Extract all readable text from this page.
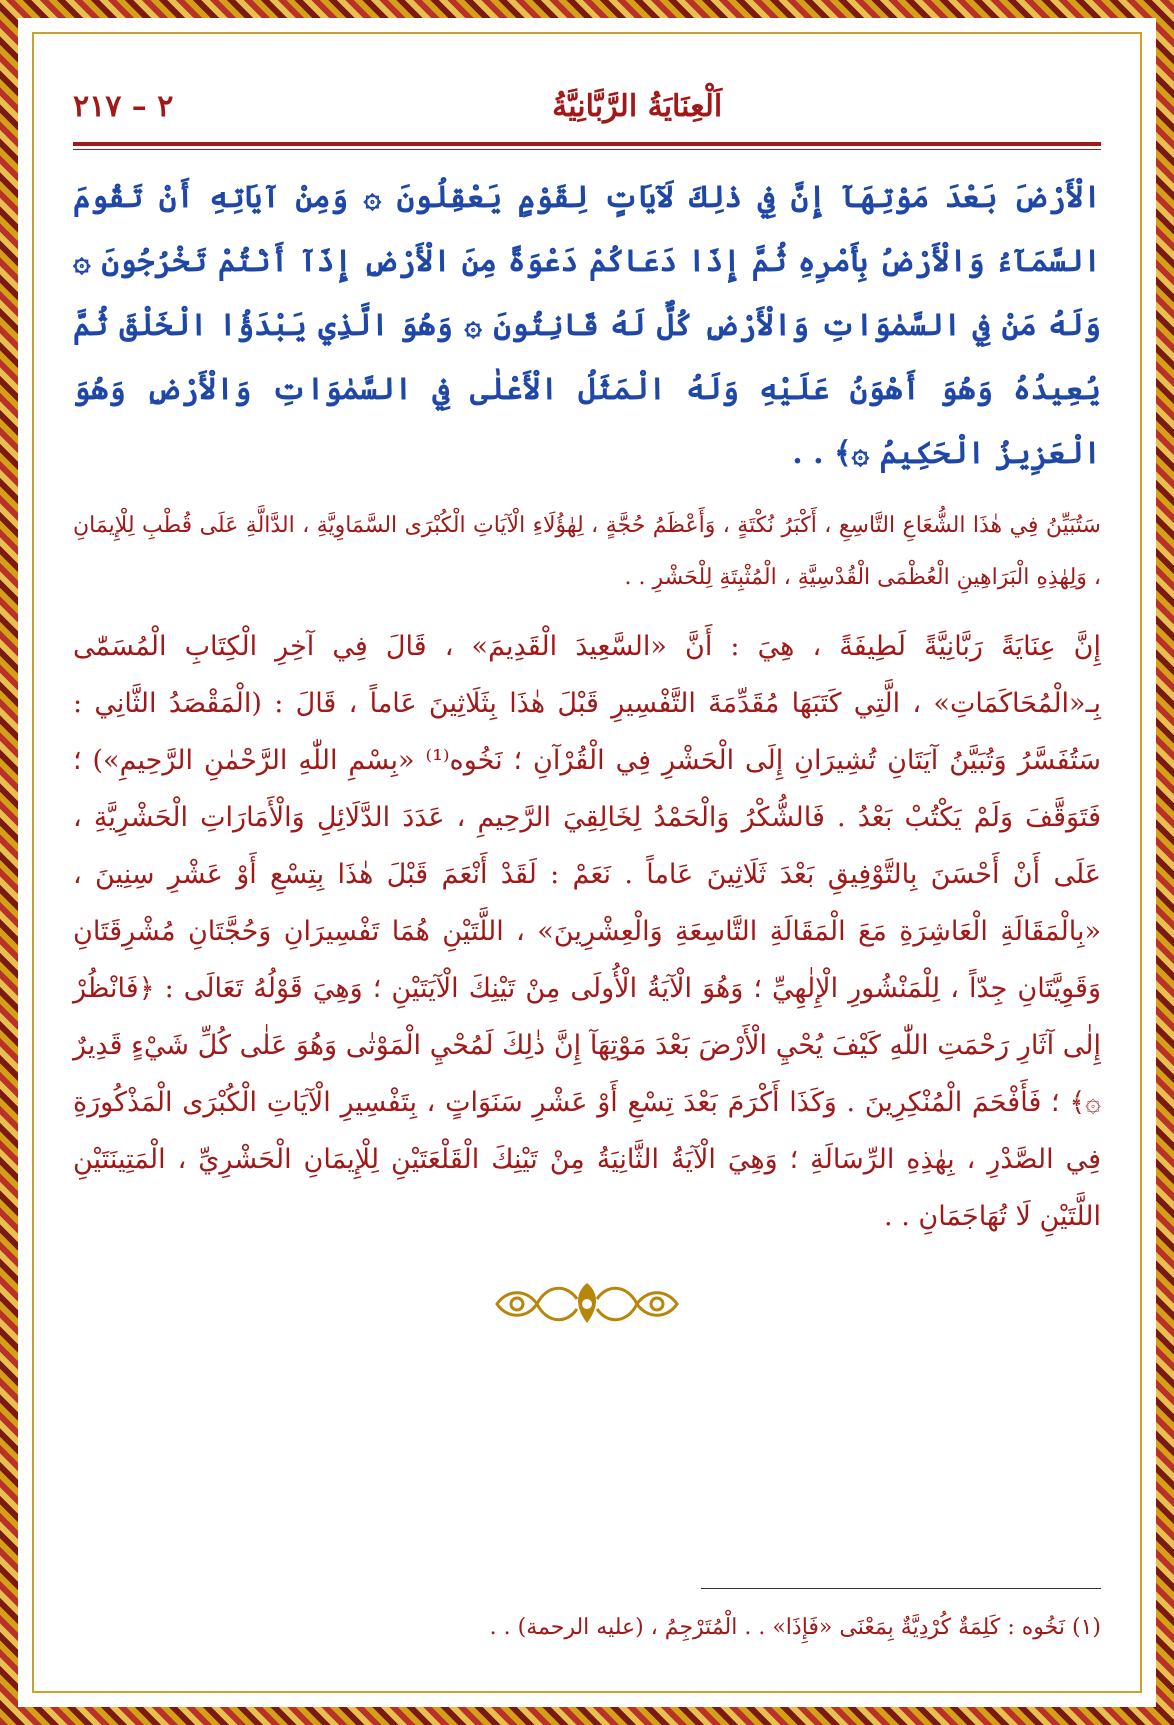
اَلْعِنَايَةُ الرَّبَّانِيَّةُ
٢ – ٢١٧
الْأَرْضَ بَعْدَ مَوْتِهَآ إِنَّ فِي ذٰلِكَ لَآيَاتٍ لِقَوْمٍ يَعْقِلُونَ ۞ وَمِنْ آيَاتِهِ أَنْ تَقُومَ السَّمَآءُ وَالْأَرْضُ بِأَمْرِهِ ثُمَّ إِذَا دَعَاكُمْ دَعْوَةً مِنَ الْأَرْضِ إِذَآ أَنْتُمْ تَخْرُجُونَ ۞ وَلَهُ مَنْ فِي السَّمٰوَاتِ وَالْأَرْضِ كُلٌّ لَهُ قَانِتُونَ ۞ وَهُوَ الَّذِي يَبْدَؤُا الْخَلْقَ ثُمَّ يُعِيدُهُ وَهُوَ أَهْوَنُ عَلَيْهِ وَلَهُ الْمَثَلُ الْأَعْلٰى فِي السَّمٰوَاتِ وَالْأَرْضِ وَهُوَ الْعَزِيزُ الْحَكِيمُ ۞﴾ . .
سَتُبَيِّنُ فِي هٰذَا الشُّعَاعِ التَّاسِعِ ، أَكْبَرُ نُكْتَةٍ ، وَأَعْظَمُ حُجَّةٍ ، لِهٰؤُلَاءِ الْآيَاتِ الْكُبْرَى السَّمَاوِيَّةِ ، الدَّالَّةِ عَلَى قُطْبِ لِلْإِيمَانِ ، وَلِهٰذِهِ الْبَرَاهِينِ الْعُظْمَى الْقُدْسِيَّةِ ، الْمُثْبِتَةِ لِلْحَشْرِ . .
إِنَّ عِنَايَةً رَبَّانِيَّةً لَطِيفَةً ، هِيَ : أَنَّ «السَّعِيدَ الْقَدِيمَ» ، قَالَ فِي آخِرِ الْكِتَابِ الْمُسَمّٰى بِـ«الْمُحَاكَمَاتِ» ، الَّتِي كَتَبَهَا مُقَدِّمَةَ التَّفْسِيرِ قَبْلَ هٰذَا بِثَلَاثِينَ عَاماً ، قَالَ : (الْمَقْصَدُ الثَّانِي : سَتُفَسَّرُ وَتُبَيَّنُ آيَتَانِ تُشِيرَانِ إِلَى الْحَشْرِ فِي الْقُرْآنِ ؛ نَخُوه⁽¹⁾ «بِسْمِ اللّٰهِ الرَّحْمٰنِ الرَّحِيمِ») ؛ فَتَوَقَّفَ وَلَمْ يَكْتُبْ بَعْدُ . فَالشُّكْرُ وَالْحَمْدُ لِخَالِقِيَ الرَّحِيمِ ، عَدَدَ الدَّلَائِلِ وَالْأَمَارَاتِ الْحَشْرِيَّةِ ، عَلَى أَنْ أَحْسَنَ بِالتَّوْفِيقِ بَعْدَ ثَلَاثِينَ عَاماً . نَعَمْ : لَقَدْ أَنْعَمَ قَبْلَ هٰذَا بِتِسْعِ أَوْ عَشْرِ سِنِينَ ، «بِالْمَقَالَةِ الْعَاشِرَةِ مَعَ الْمَقَالَةِ التَّاسِعَةِ وَالْعِشْرِينَ» ، اللَّتَيْنِ هُمَا تَفْسِيرَانِ وَحُجَّتَانِ مُشْرِقَتَانِ وَقَوِيَّتَانِ جِدّاً ، لِلْمَنْشُورِ الْإِلٰهِيِّ ؛ وَهُوَ الْآيَةُ الْأُولَى مِنْ تَيْنِكَ الْآيَتَيْنِ ؛ وَهِيَ قَوْلُهُ تَعَالَى : ﴿فَانْظُرْ إِلٰى آثَارِ رَحْمَتِ اللّٰهِ كَيْفَ يُحْيِ الْأَرْضَ بَعْدَ مَوْتِهَآ إِنَّ ذٰلِكَ لَمُحْيِ الْمَوْتٰى وَهُوَ عَلٰى كُلِّ شَيْءٍ قَدِيرٌ ۞﴾ ؛ فَأَفْحَمَ الْمُنْكِرِينَ . وَكَذَا أَكْرَمَ بَعْدَ تِسْعِ أَوْ عَشْرِ سَنَوَاتٍ ، بِتَفْسِيرِ الْآيَاتِ الْكُبْرَى الْمَذْكُورَةِ فِي الصَّدْرِ ، بِهٰذِهِ الرِّسَالَةِ ؛ وَهِيَ الْآيَةُ الثَّانِيَةُ مِنْ تَيْنِكَ الْقَلْعَتَيْنِ لِلْإِيمَانِ الْحَشْرِيِّ ، الْمَتِينَتَيْنِ اللَّتَيْنِ لَا تُهَاجَمَانِ . .
(١) نَخُوه : كَلِمَةٌ كُرْدِيَّةٌ بِمَعْنَى «فَإِذَا» . . الْمُتَرْجِمُ ، (عليه الرحمة) . .
